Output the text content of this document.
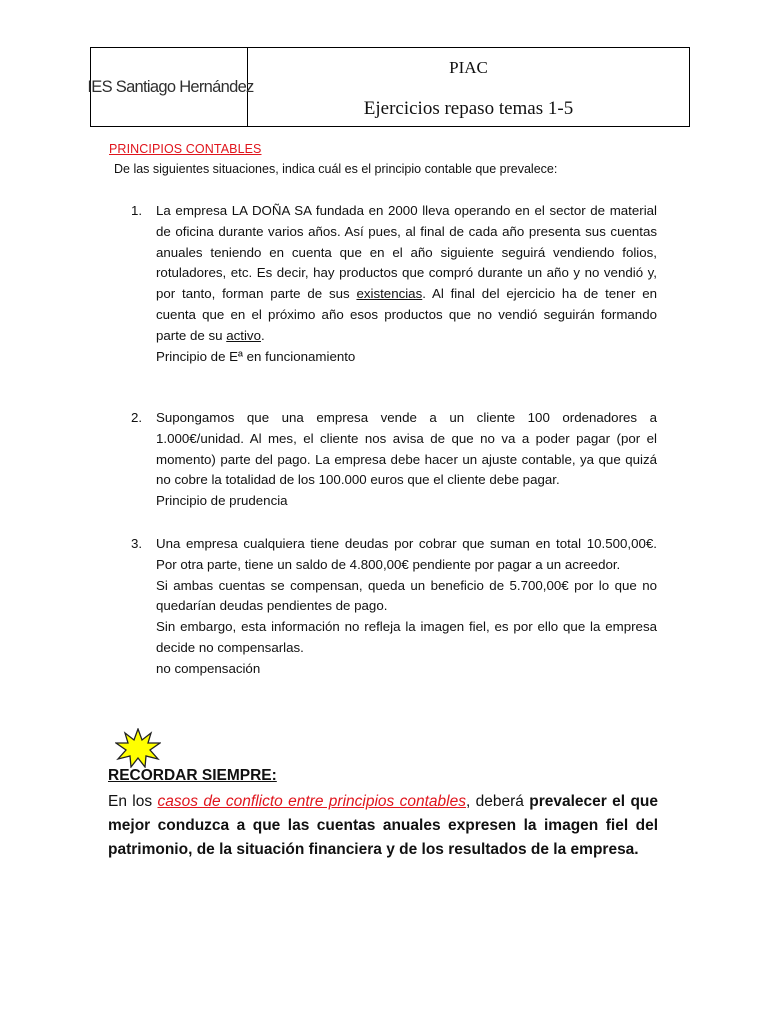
IES Santiago Hernández
PIAC
Ejercicios repaso temas 1-5
PRINCIPIOS CONTABLES
De las siguientes situaciones, indica cuál es el principio contable que prevalece:
1. La empresa LA DOÑA SA fundada en 2000 lleva operando en el sector de material de oficina durante varios años. Así pues, al final de cada año presenta sus cuentas anuales teniendo en cuenta que en el año siguiente seguirá vendiendo folios, rotuladores, etc. Es decir, hay productos que compró durante un año y no vendió y, por tanto, forman parte de sus existencias. Al final del ejercicio ha de tener en cuenta que en el próximo año esos productos que no vendió seguirán formando parte de su activo.
Principio de Eª en funcionamiento
2. Supongamos que una empresa vende a un cliente 100 ordenadores a 1.000€/unidad. Al mes, el cliente nos avisa de que no va a poder pagar (por el momento) parte del pago. La empresa debe hacer un ajuste contable, ya que quizá no cobre la totalidad de los 100.000 euros que el cliente debe pagar.
Principio de prudencia
3. Una empresa cualquiera tiene deudas por cobrar que suman en total 10.500,00€. Por otra parte, tiene un saldo de 4.800,00€ pendiente por pagar a un acreedor.
Si ambas cuentas se compensan, queda un beneficio de 5.700,00€ por lo que no quedarían deudas pendientes de pago.
Sin embargo, esta información no refleja la imagen fiel, es por ello que la empresa decide no compensarlas.
no compensación
RECORDAR SIEMPRE:
En los casos de conflicto entre principios contables, deberá prevalecer el que mejor conduzca a que las cuentas anuales expresen la imagen fiel del patrimonio, de la situación financiera y de los resultados de la empresa.
